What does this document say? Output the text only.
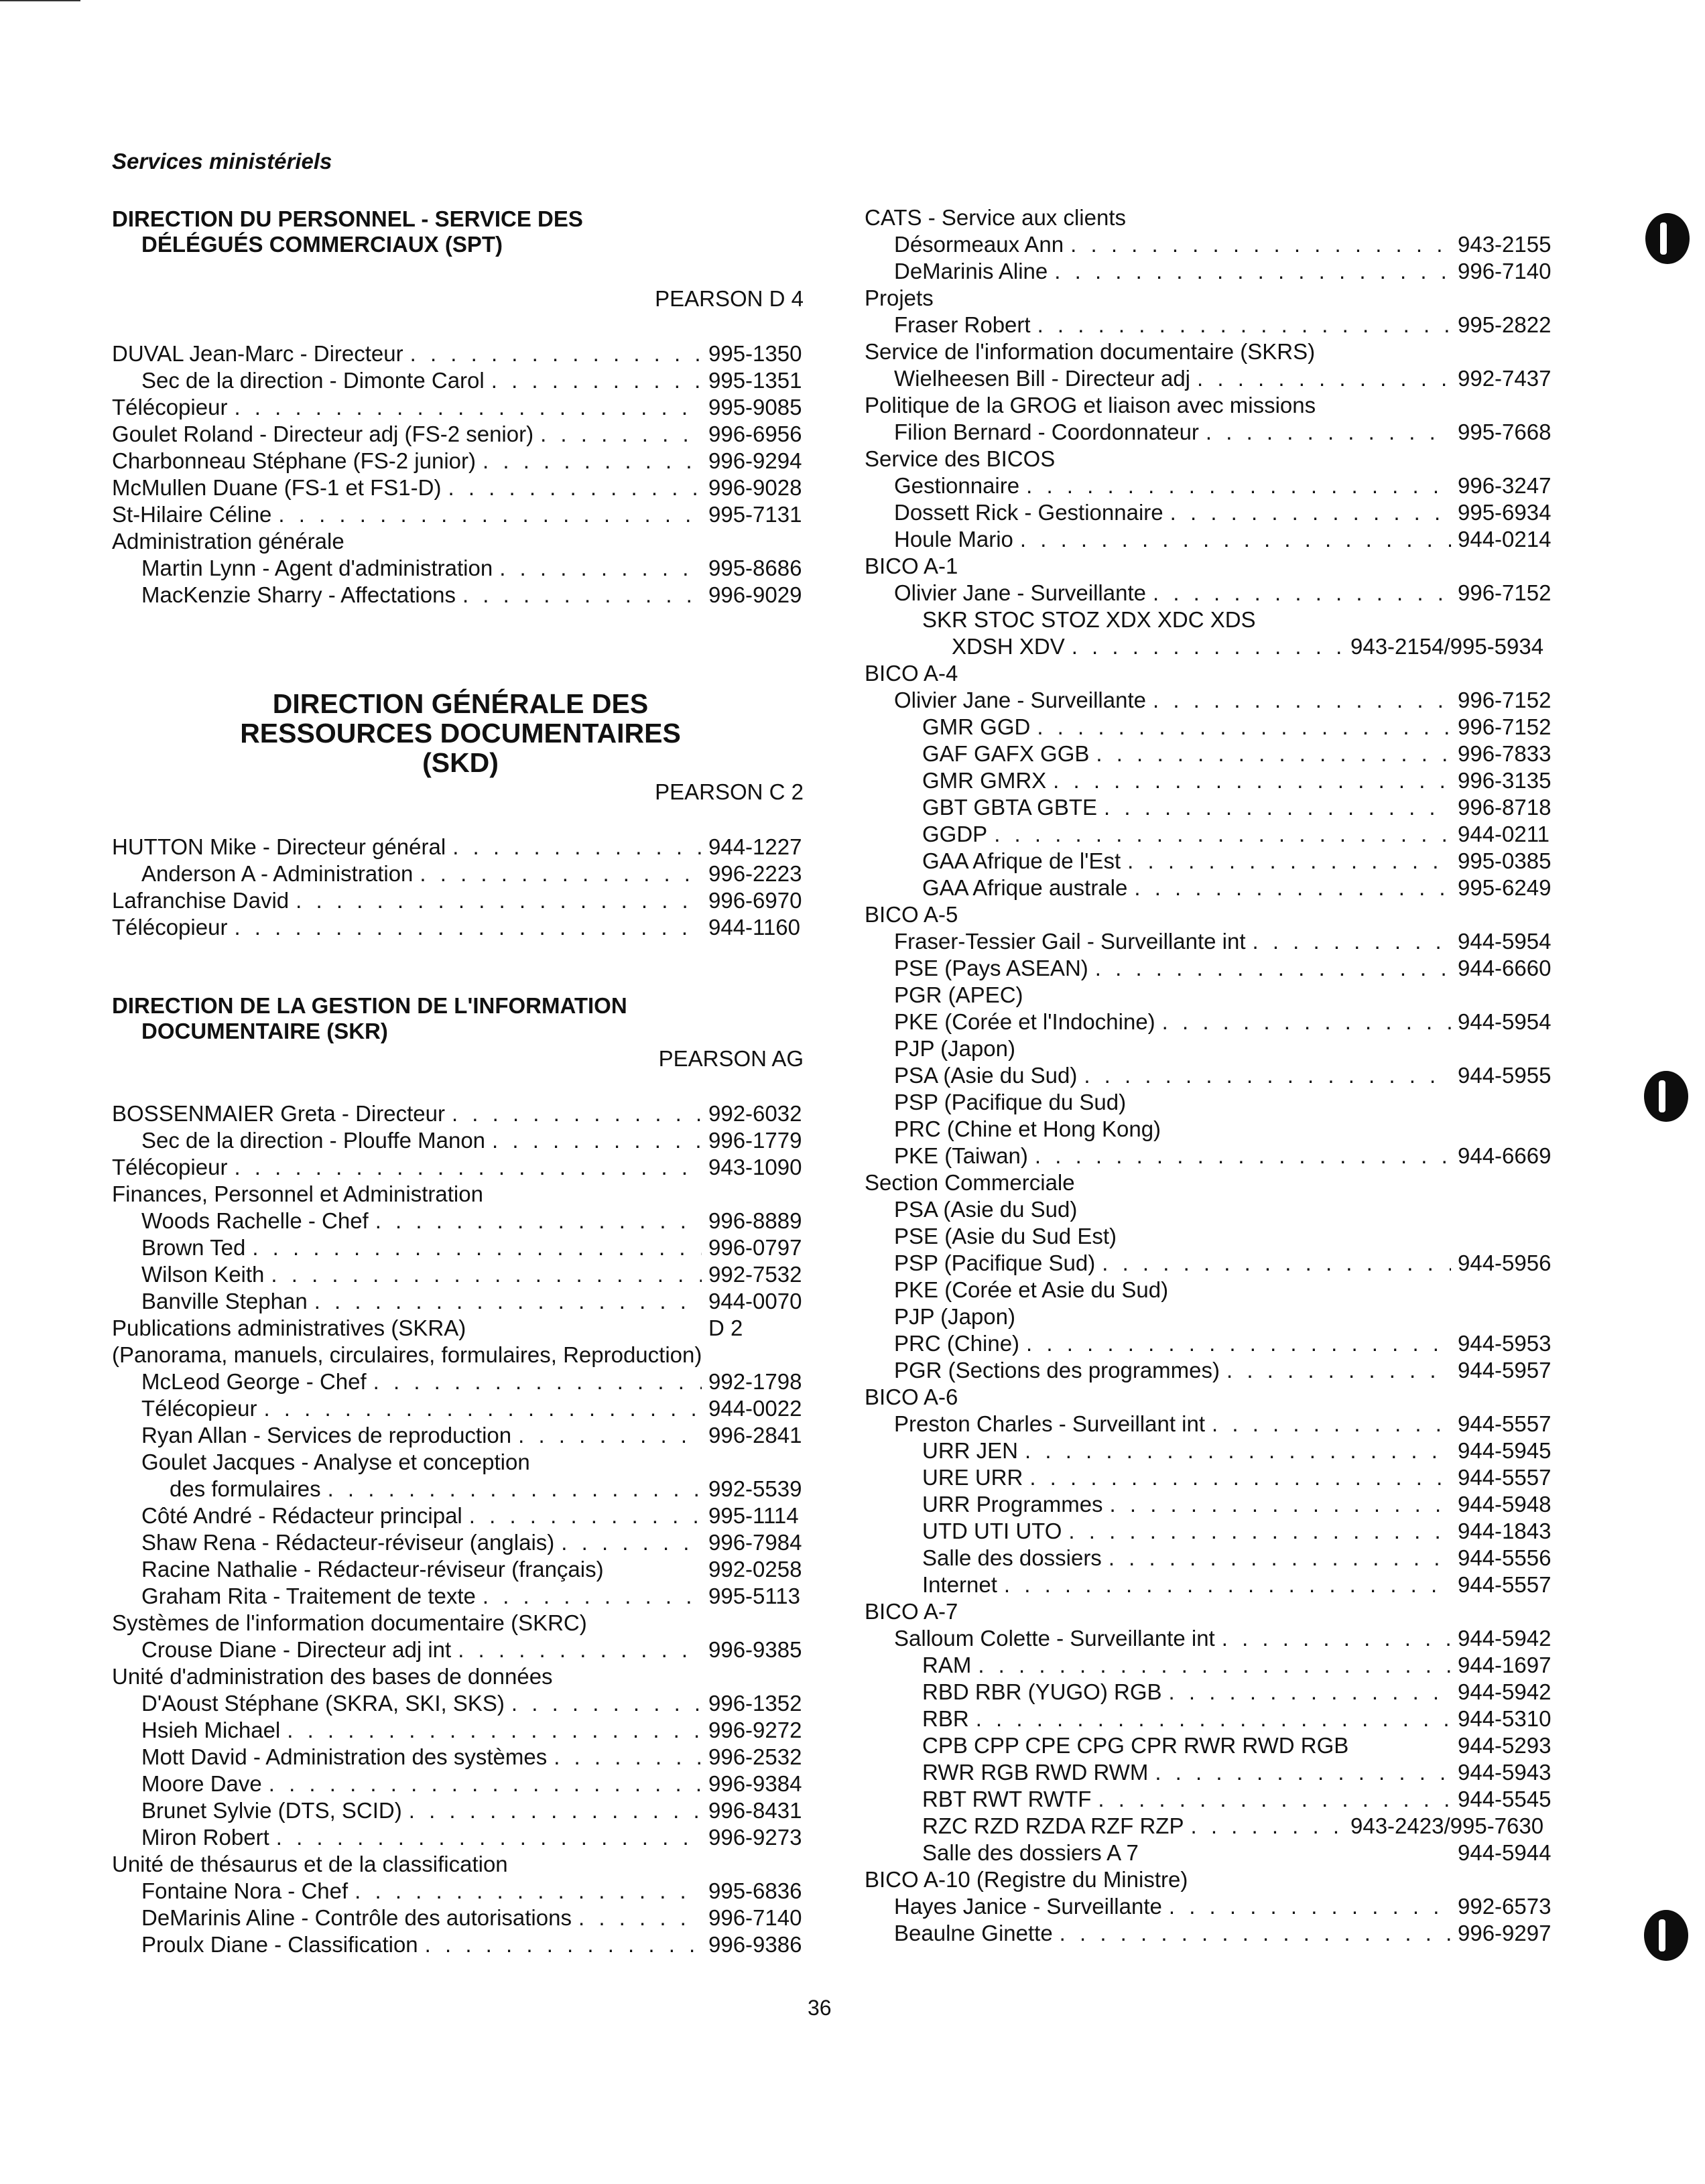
Services ministériels
DIRECTION DU PERSONNEL - SERVICE DES
DÉLÉGUÉS COMMERCIAUX (SPT)
PEARSON D 4
DUVAL Jean-Marc - Directeur . . .	995-1350
Sec de la direction - Dimonte Carol . . .	995-1351
Télécopieur . . .	995-9085
Goulet Roland - Directeur adj (FS-2 senior) . . .	996-6956
Charbonneau Stéphane (FS-2 junior) . . .	996-9294
McMullen Duane (FS-1 et FS1-D) . . .	996-9028
St-Hilaire Céline . . .	995-7131
Administration générale
Martin Lynn - Agent d'administration . . .	995-8686
MacKenzie Sharry - Affectations . . .	996-9029
DIRECTION GÉNÉRALE DES
RESSOURCES DOCUMENTAIRES
(SKD)
PEARSON C 2
HUTTON Mike - Directeur général . . .	944-1227
Anderson A - Administration . . .	996-2223
Lafranchise David . . .	996-6970
Télécopieur . . .	944-1160
DIRECTION DE LA GESTION DE L'INFORMATION
DOCUMENTAIRE (SKR)
PEARSON AG
BOSSENMAIER Greta - Directeur . . .	992-6032
Sec de la direction - Plouffe Manon . . .	996-1779
Télécopieur . . .	943-1090
Finances, Personnel et Administration
Woods Rachelle - Chef . . .	996-8889
Brown Ted . . .	996-0797
Wilson Keith . . .	992-7532
Banville Stephan . . .	944-0070
Publications administratives (SKRA)	D 2
(Panorama, manuels, circulaires, formulaires, Reproduction)
McLeod George - Chef . . .	992-1798
Télécopieur . . .	944-0022
Ryan Allan - Services de reproduction . . .	996-2841
Goulet Jacques - Analyse et conception
des formulaires . . .	992-5539
Côté André - Rédacteur principal . . .	995-1114
Shaw Rena - Rédacteur-réviseur (anglais) . . .	996-7984
Racine Nathalie - Rédacteur-réviseur (français)	992-0258
Graham Rita - Traitement de texte . . .	995-5113
Systèmes de l'information documentaire (SKRC)
Crouse Diane - Directeur adj int . . .	996-9385
Unité d'administration des bases de données
D'Aoust Stéphane (SKRA, SKI, SKS) . . .	996-1352
Hsieh Michael . . .	996-9272
Mott David - Administration des systèmes . . .	996-2532
Moore Dave . . .	996-9384
Brunet Sylvie (DTS, SCID) . . .	996-8431
Miron Robert . . .	996-9273
Unité de thésaurus et de la classification
Fontaine Nora - Chef . . .	995-6836
DeMarinis Aline - Contrôle des autorisations . . .	996-7140
Proulx Diane - Classification . . .	996-9386
CATS - Service aux clients
Désormeaux Ann . . .	943-2155
DeMarinis Aline . . .	996-7140
Projets
Fraser Robert . . .	995-2822
Service de l'information documentaire (SKRS)
Wielheesen Bill - Directeur adj . . .	992-7437
Politique de la GROG et liaison avec missions
Filion Bernard - Coordonnateur . . .	995-7668
Service des BICOS
Gestionnaire . . .	996-3247
Dossett Rick - Gestionnaire . . .	995-6934
Houle Mario . . .	944-0214
BICO A-1
Olivier Jane - Surveillante . . .	996-7152
SKR STOC STOZ XDX XDC XDS
XDSH XDV . . .	943-2154/995-5934
BICO A-4
Olivier Jane - Surveillante . . .	996-7152
GMR GGD . . .	996-7152
GAF GAFX GGB . . .	996-7833
GMR GMRX . . .	996-3135
GBT GBTA GBTE . . .	996-8718
GGDP . . .	944-0211
GAA Afrique de l'Est . . .	995-0385
GAA Afrique australe . . .	995-6249
BICO A-5
Fraser-Tessier Gail - Surveillante int . . .	944-5954
PSE (Pays ASEAN) . . .	944-6660
PGR (APEC)
PKE (Corée et l'Indochine) . . .	944-5954
PJP (Japon)
PSA (Asie du Sud) . . .	944-5955
PSP (Pacifique du Sud)
PRC (Chine et Hong Kong)
PKE (Taiwan) . . .	944-6669
Section Commerciale
PSA (Asie du Sud)
PSE (Asie du Sud Est)
PSP (Pacifique Sud) . . .	944-5956
PKE (Corée et Asie du Sud)
PJP (Japon)
PRC (Chine) . . .	944-5953
PGR (Sections des programmes) . . .	944-5957
BICO A-6
Preston Charles - Surveillant int . . .	944-5557
URR JEN . . .	944-5945
URE URR . . .	944-5557
URR Programmes . . .	944-5948
UTD UTI UTO . . .	944-1843
Salle des dossiers . . .	944-5556
Internet . . .	944-5557
BICO A-7
Salloum Colette - Surveillante int . . .	944-5942
RAM . . .	944-1697
RBD RBR (YUGO) RGB . . .	944-5942
RBR . . .	944-5310
CPB CPP CPE CPG CPR RWR RWD RGB	944-5293
RWR RGB RWD RWM . . .	944-5943
RBT RWT RWTF . . .	944-5545
RZC RZD RZDA RZF RZP . . .	943-2423/995-7630
Salle des dossiers A 7	944-5944
BICO A-10 (Registre du Ministre)
Hayes Janice - Surveillante . . .	992-6573
Beaulne Ginette . . .	996-9297
36
